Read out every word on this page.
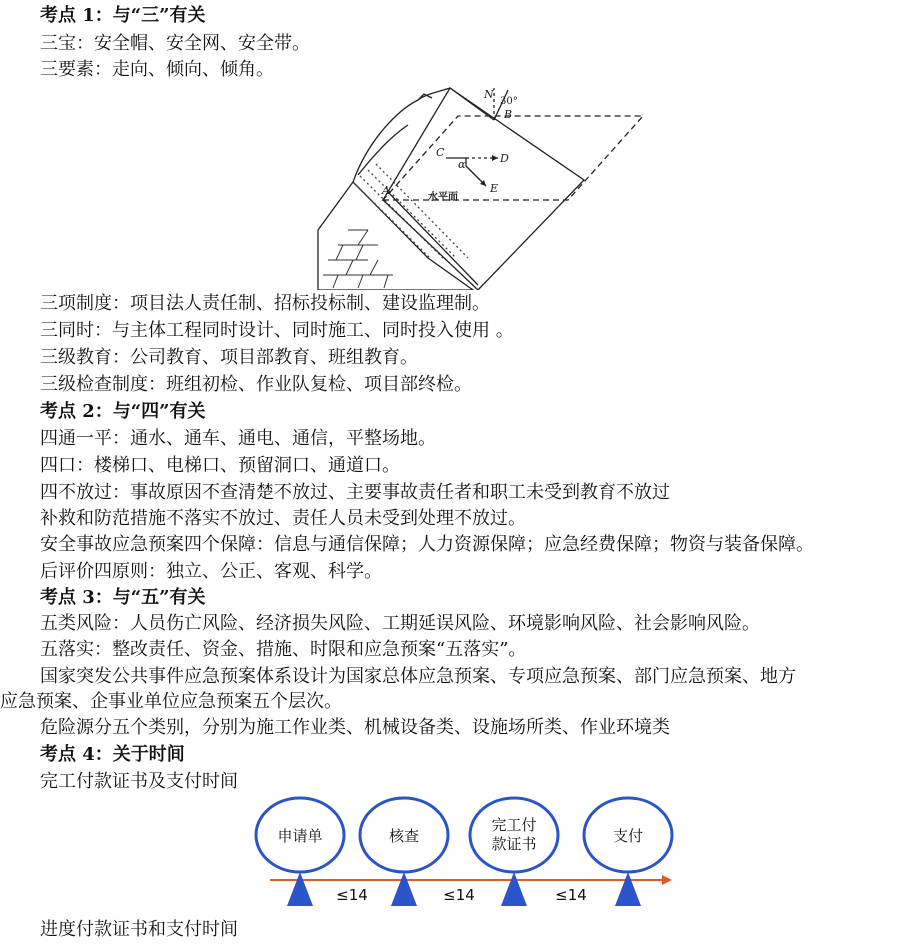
考点 1：与“三”有关
三宝：安全帽、安全网、安全带。
三要素：走向、倾向、倾角。
N
30°
B
C
α	D
E
A
水平面
三项制度：项目法人责任制、招标投标制、建设监理制。
三同时：与主体工程同时设计、同时施工、同时投入使用 。
三级教育：公司教育、项目部教育、班组教育。
三级检查制度：班组初检、作业队复检、项目部终检。
考点 2：与“四”有关
四通一平：通水、通车、通电、通信，平整场地。
四口：楼梯口、电梯口、预留洞口、通道口。
四不放过：事故原因不查清楚不放过、主要事故责任者和职工未受到教育不放过
补救和防范措施不落实不放过、责任人员未受到处理不放过。
安全事故应急预案四个保障：信息与通信保障；人力资源保障；应急经费保障；物资与装备保障。
后评价四原则：独立、公正、客观、科学。
考点 3：与“五”有关
五类风险：人员伤亡风险、经济损失风险、工期延误风险、环境影响风险、社会影响风险。
五落实：整改责任、资金、措施、时限和应急预案“五落实”。
国家突发公共事件应急预案体系设计为国家总体应急预案、专项应急预案、部门应急预案、地方
应急预案、企事业单位应急预案五个层次。
危险源分五个类别，分别为施工作业类、机械设备类、设施场所类、作业环境类
考点 4：关于时间
完工付款证书及支付时间
申请单	核查
完工付
款证书	支付
≤14	≤14	≤14
进度付款证书和支付时间
